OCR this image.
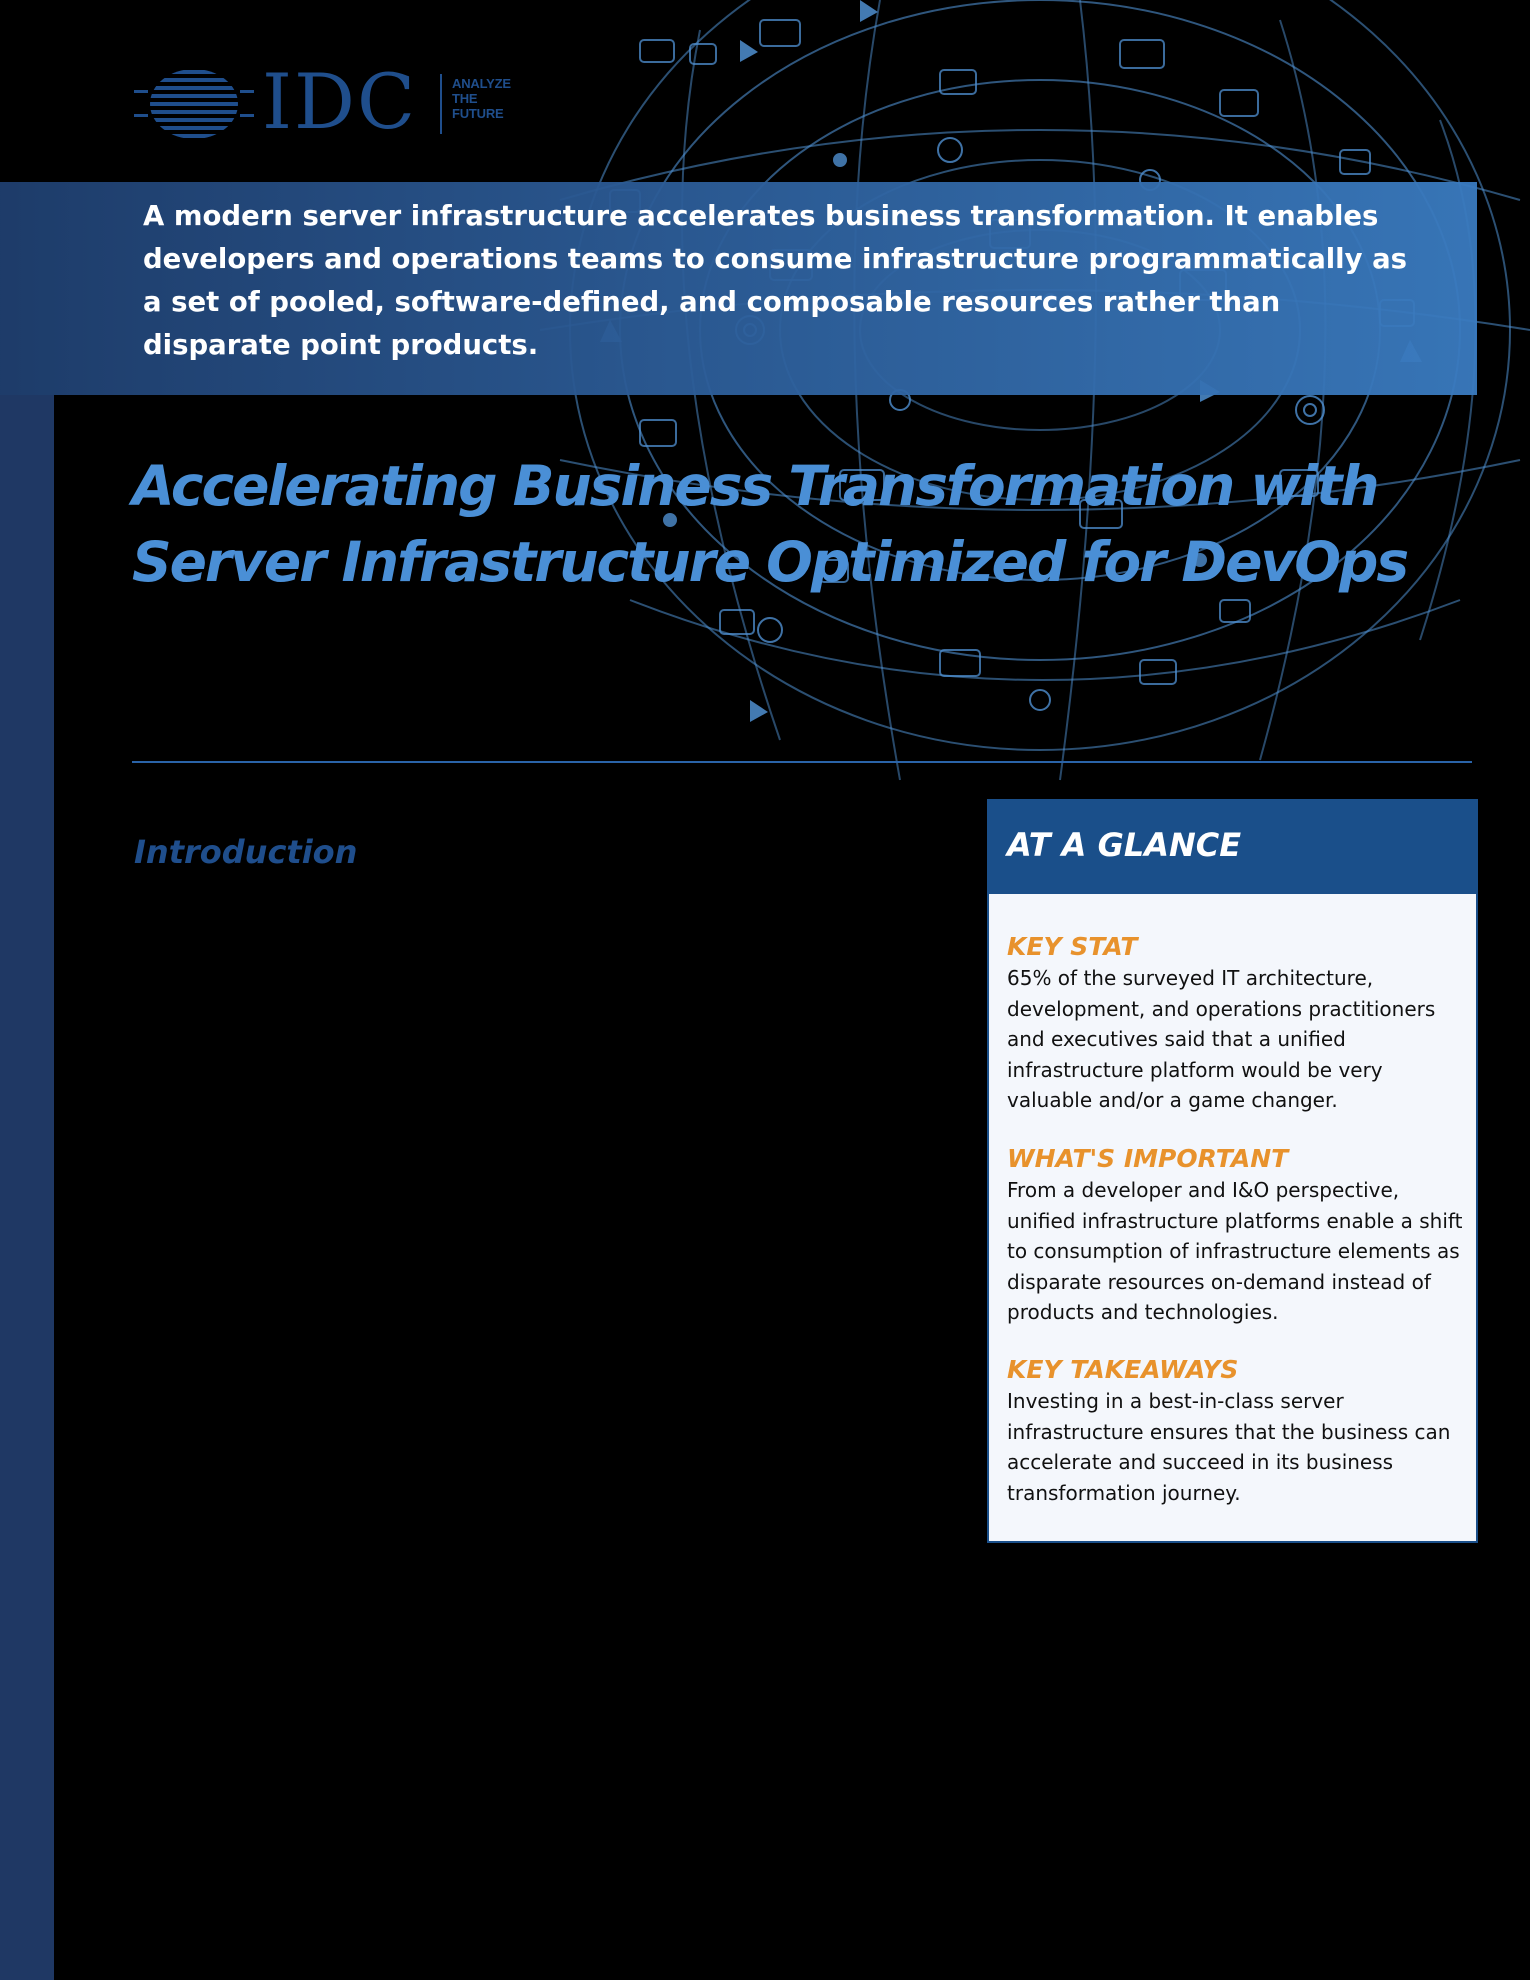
IDC	ANALYZE
THE
FUTURE
A modern server infrastructure accelerates business transformation. It enables developers and operations teams to consume infrastructure programmatically as a set of pooled, software-defined, and composable resources rather than disparate point products.
Accelerating Business Transformation with
Server Infrastructure Optimized for DevOps
Introduction	AT A GLANCE
KEY STAT
65% of the surveyed IT architecture, development, and operations practitioners and executives said that a unified infrastructure platform would be very valuable and/or a game changer.
WHAT'S IMPORTANT
From a developer and I&O perspective, unified infrastructure platforms enable a shift to consumption of infrastructure elements as disparate resources on-demand instead of products and technologies.
KEY TAKEAWAYS
Investing in a best-in-class server infrastructure ensures that the business can accelerate and succeed in its business transformation journey.
